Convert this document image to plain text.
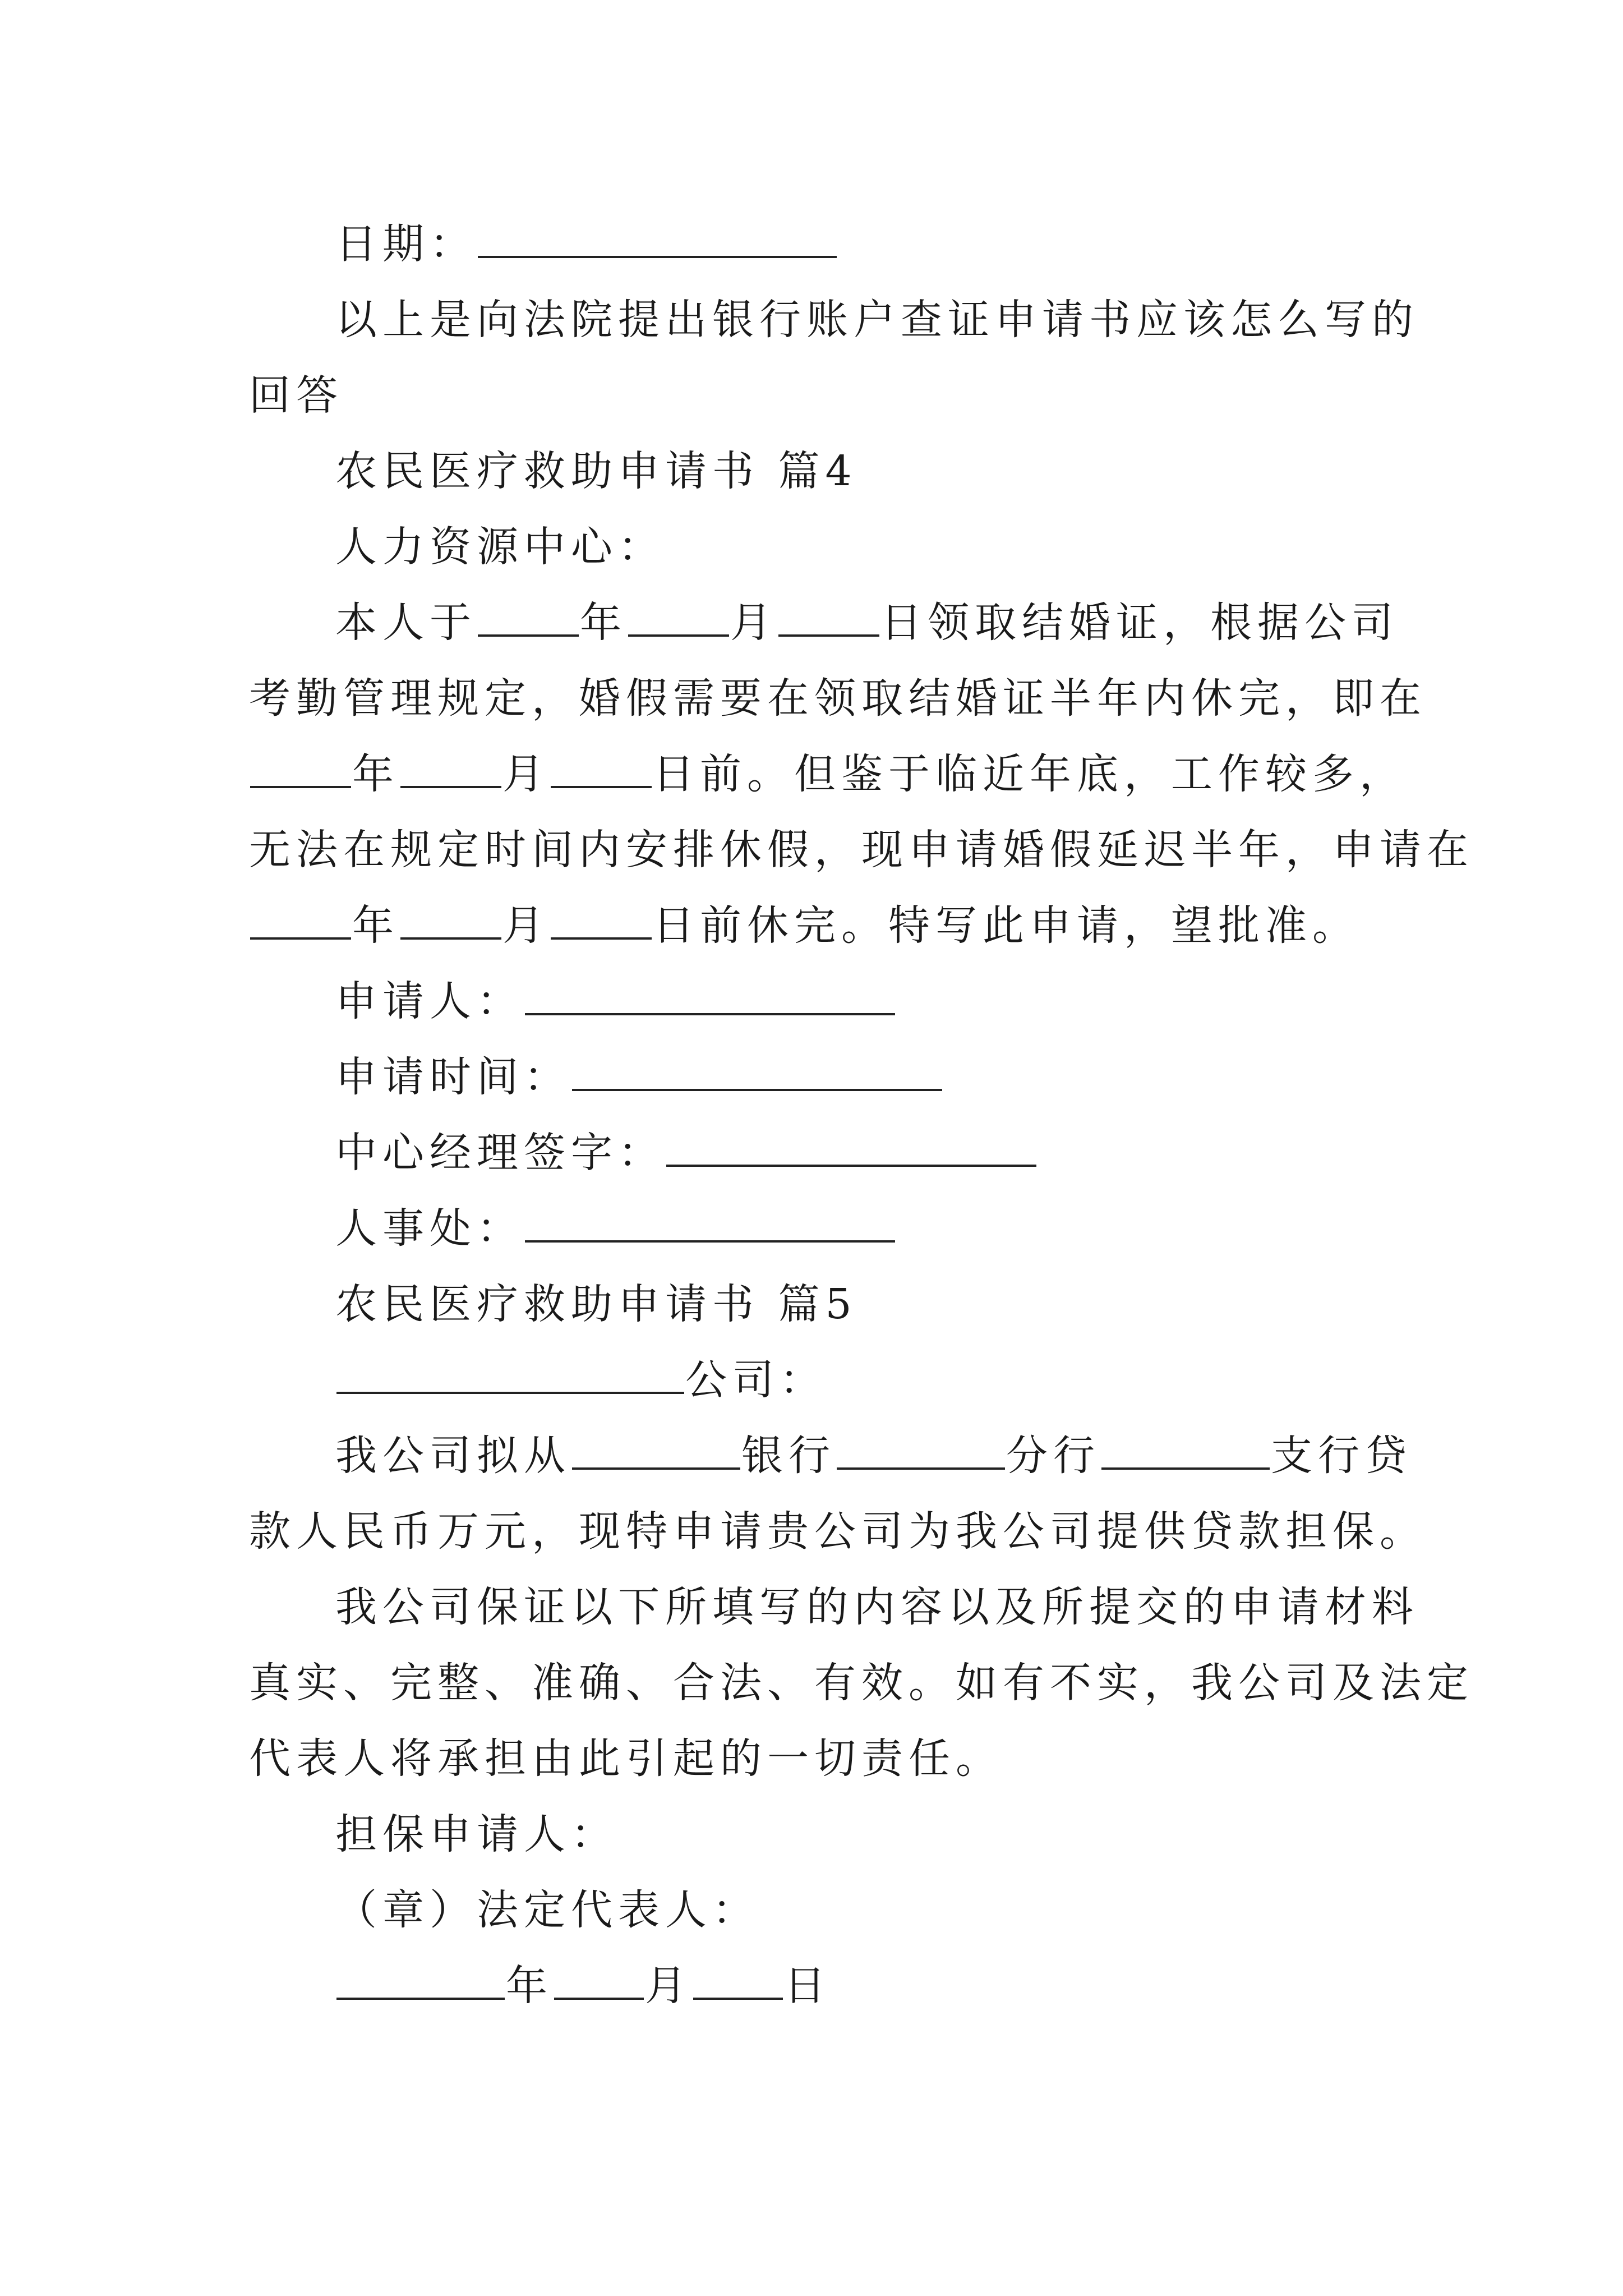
日期：
以上是向法院提出银行账户查证申请书应该怎么写的
回答
农民医疗救助申请书 篇4
人力资源中心：
本人于 年 月 日领取结婚证，根据公司
考勤管理规定，婚假需要在领取结婚证半年内休完，即在
年 月 日前。但鉴于临近年底，工作较多，
无法在规定时间内安排休假，现申请婚假延迟半年，申请在
年 月 日前休完。特写此申请，望批准。
申请人：
申请时间：
中心经理签字：
人事处：
农民医疗救助申请书 篇5
公司：
我公司拟从	银行	分行	支行贷
款人民币万元，现特申请贵公司为我公司提供贷款担保。
我公司保证以下所填写的内容以及所提交的申请材料
真实、完整、准确、合法、有效。如有不实，我公司及法定
代表人将承担由此引起的一切责任。
担保申请人：
（章）法定代表人：
年 月 日
